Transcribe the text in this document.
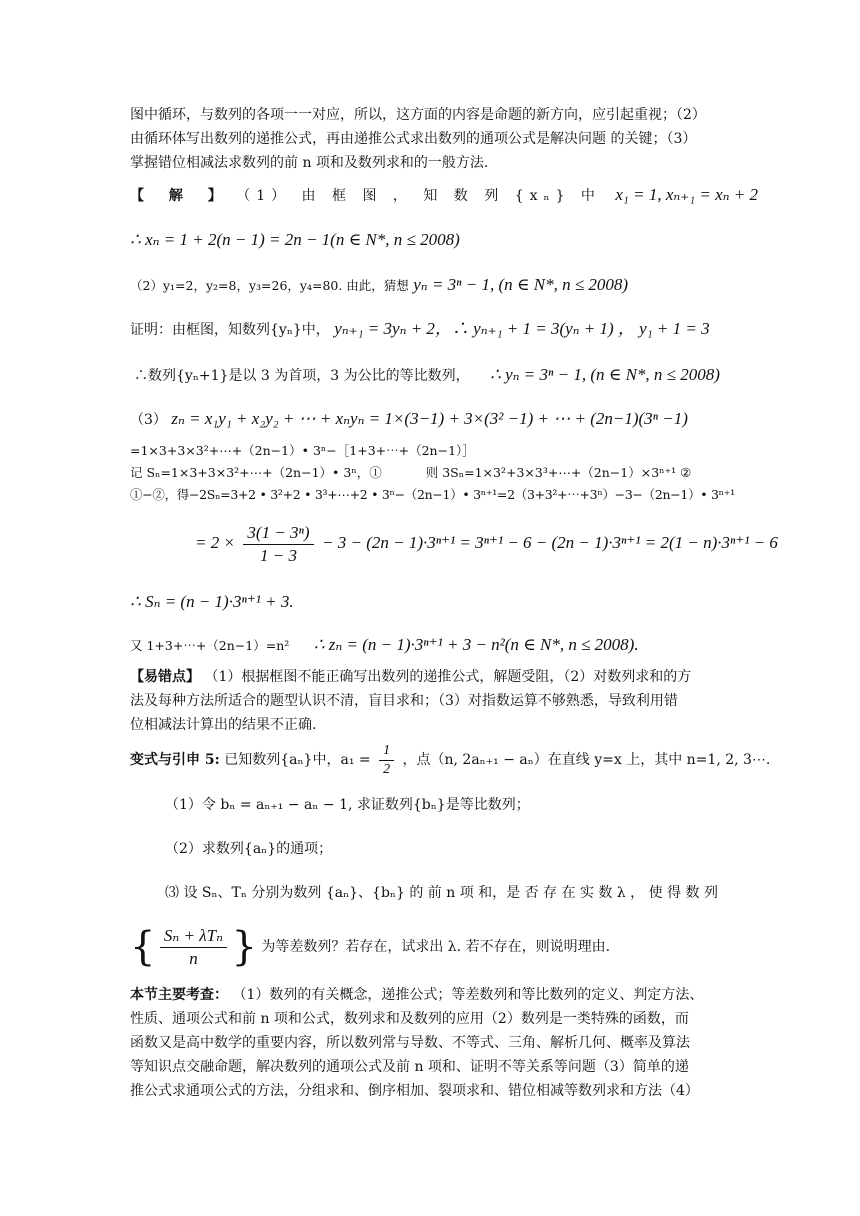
图中循环，与数列的各项一一对应，所以，这方面的内容是命题的新方向，应引起重视；（2）
由循环体写出数列的递推公式，再由递推公式求出数列的通项公式是解决问题 的关键；（3）
掌握错位相减法求数列的前 n 项和及数列求和的一般方法.
【 解 】 （1） 由 框 图 ， 知 数 列 {xₙ} 中 x₁ = 1, xₙ₊₁ = xₙ + 2
∴ xₙ = 1 + 2(n − 1) = 2n − 1(n ∈ N*, n ≤ 2008)
（2）y₁=2，y₂=8，y₃=26，y₄=80. 由此，猜想 yₙ = 3ⁿ − 1, (n ∈ N*, n ≤ 2008)
证明：由框图，知数列{yₙ}中， yₙ₊₁ = 3yₙ + 2，∴ yₙ₊₁ + 1 = 3(yₙ + 1) ， y₁ + 1 = 3
∴数列{yₙ+1}是以 3 为首项，3 为公比的等比数列， ∴ yₙ = 3ⁿ − 1, (n ∈ N*, n ≤ 2008)
（3） zₙ = x₁y₁ + x₂y₂ + ⋯ + xₙyₙ = 1×(3−1) + 3×(3² −1) + ⋯ + (2n−1)(3ⁿ −1)
=1×3+3×3²+⋯+（2n−1）• 3ⁿ−［1+3+⋯+（2n−1）］
记 Sₙ=1×3+3×3²+⋯+（2n−1）• 3ⁿ，①	则 3Sₙ=1×3²+3×3³+⋯+（2n−1）×3ⁿ⁺¹ ②
①−②，得−2Sₙ=3+2 • 3²+2 • 3³+⋯+2 • 3ⁿ−（2n−1）• 3ⁿ⁺¹=2（3+3²+⋯+3ⁿ）−3−（2n−1）• 3ⁿ⁺¹
= $2 \times \frac{\text{3(1 − 3ⁿ)}}{1 - 3} - 3 - (2n - 1)\cdot 3^{n+1} = 3^{n+1} - 6 - (2n - 1)\cdot 3^{n+1} = 2(1 - n)\cdot 3^{n+1} - 6$
∴ Sₙ = (n − 1)·3ⁿ⁺¹ + 3.
又 1+3+⋯+（2n−1）=n² ∴ zₙ = (n − 1)·3ⁿ⁺¹ + 3 − n²(n ∈ N*, n ≤ 2008).
【易错点】 （1）根据框图不能正确写出数列的递推公式，解题受阻，（2）对数列求和的方
法及每种方法所适合的题型认识不清，盲目求和；（3）对指数运算不够熟悉，导致利用错
位相减法计算出的结果不正确.
变式与引申 5: 已知数列{aₙ}中，$a_1 = \frac{1}{2}$ ，点（n, 2aₙ₊₁ − aₙ）在直线 y=x 上，其中 n=1, 2, 3⋯.
（1）令 bₙ = aₙ₊₁ − aₙ − 1, 求证数列{bₙ}是等比数列；
（2）求数列{aₙ}的通项；
⑶ 设 Sₙ、Tₙ 分别为数列 {aₙ}、{bₙ} 的 前 n 项 和，是 否 存 在 实 数 λ ， 使 得 数 列
{ $\frac{\text{Sₙ + λTₙ}}{n}$ } 为等差数列？若存在，试求出 λ. 若不存在，则说明理由.
本节主要考查： （1）数列的有关概念，递推公式；等差数列和等比数列的定义、判定方法、
性质、通项公式和前 n 项和公式，数列求和及数列的应用（2）数列是一类特殊的函数，而
函数又是高中数学的重要内容，所以数列常与导数、不等式、三角、解析几何、概率及算法
等知识点交融命题，解决数列的通项公式及前 n 项和、证明不等关系等问题（3）简单的递
推公式求通项公式的方法，分组求和、倒序相加、裂项求和、错位相减等数列求和方法（4）
